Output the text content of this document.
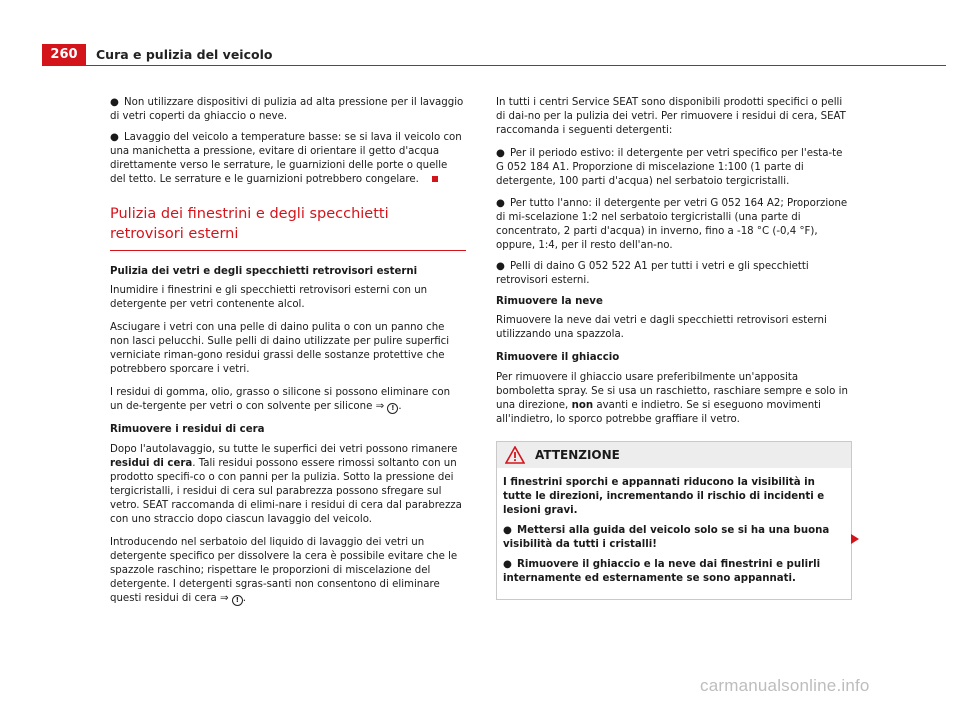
260	Cura e pulizia del veicolo

● Non utilizzare dispositivi di pulizia ad alta pressione per il lavaggio di vetri coperti da ghiaccio o neve.

● Lavaggio del veicolo a temperature basse: se si lava il veicolo con una manichetta a pressione, evitare di orientare il getto d'acqua direttamente verso le serrature, le guarnizioni delle porte o quelle del tetto. Le serrature e le guarnizioni potrebbero congelare.

Pulizia dei finestrini e degli specchietti retrovisori esterni

Pulizia dei vetri e degli specchietti retrovisori esterni

Inumidire i finestrini e gli specchietti retrovisori esterni con un detergente per vetri contenente alcol.

Asciugare i vetri con una pelle di daino pulita o con un panno che non lasci pelucchi. Sulle pelli di daino utilizzate per pulire superfici verniciate riman-gono residui grassi delle sostanze protettive che potrebbero sporcare i vetri.

I residui di gomma, olio, grasso o silicone si possono eliminare con un de-tergente per vetri o con solvente per silicone ⇒ ! .

Rimuovere i residui di cera

Dopo l'autolavaggio, su tutte le superfici dei vetri possono rimanere residui di cera. Tali residui possono essere rimossi soltanto con un prodotto specifi-co o con panni per la pulizia. Sotto la pressione dei tergicristalli, i residui di cera sul parabrezza possono sfregare sul vetro. SEAT raccomanda di elimi-nare i residui di cera dal parabrezza con uno straccio dopo ciascun lavaggio del veicolo.

Introducendo nel serbatoio del liquido di lavaggio dei vetri un detergente specifico per dissolvere la cera è possibile evitare che le spazzole raschino; rispettare le proporzioni di miscelazione del detergente. I detergenti sgras-santi non consentono di eliminare questi residui di cera ⇒ ! .

In tutti i centri Service SEAT sono disponibili prodotti specifici o pelli di dai-no per la pulizia dei vetri. Per rimuovere i residui di cera, SEAT raccomanda i seguenti detergenti:

● Per il periodo estivo: il detergente per vetri specifico per l'esta-te G 052 184 A1. Proporzione di miscelazione 1:100 (1 parte di detergente, 100 parti d'acqua) nel serbatoio tergicristalli.

● Per tutto l'anno: il detergente per vetri G 052 164 A2; Proporzione di mi-scelazione 1:2 nel serbatoio tergicristalli (una parte di concentrato, 2 parti d'acqua) in inverno, fino a -18 °C (-0,4 °F), oppure, 1:4, per il resto dell'an-no.

● Pelli di daino G 052 522 A1 per tutti i vetri e gli specchietti retrovisori esterni.

Rimuovere la neve

Rimuovere la neve dai vetri e dagli specchietti retrovisori esterni utilizzando una spazzola.

Rimuovere il ghiaccio

Per rimuovere il ghiaccio usare preferibilmente un'apposita bomboletta spray. Se si usa un raschietto, raschiare sempre e solo in una direzione, non avanti e indietro. Se si eseguono movimenti all'indietro, lo sporco potrebbe graffiare il vetro.

ATTENZIONE

I finestrini sporchi e appannati riducono la visibilità in tutte le direzioni, incrementando il rischio di incidenti e lesioni gravi.

● Mettersi alla guida del veicolo solo se si ha una buona visibilità da tutti i cristalli!

● Rimuovere il ghiaccio e la neve dai finestrini e pulirli internamente ed esternamente se sono appannati.

carmanualsonline.info
